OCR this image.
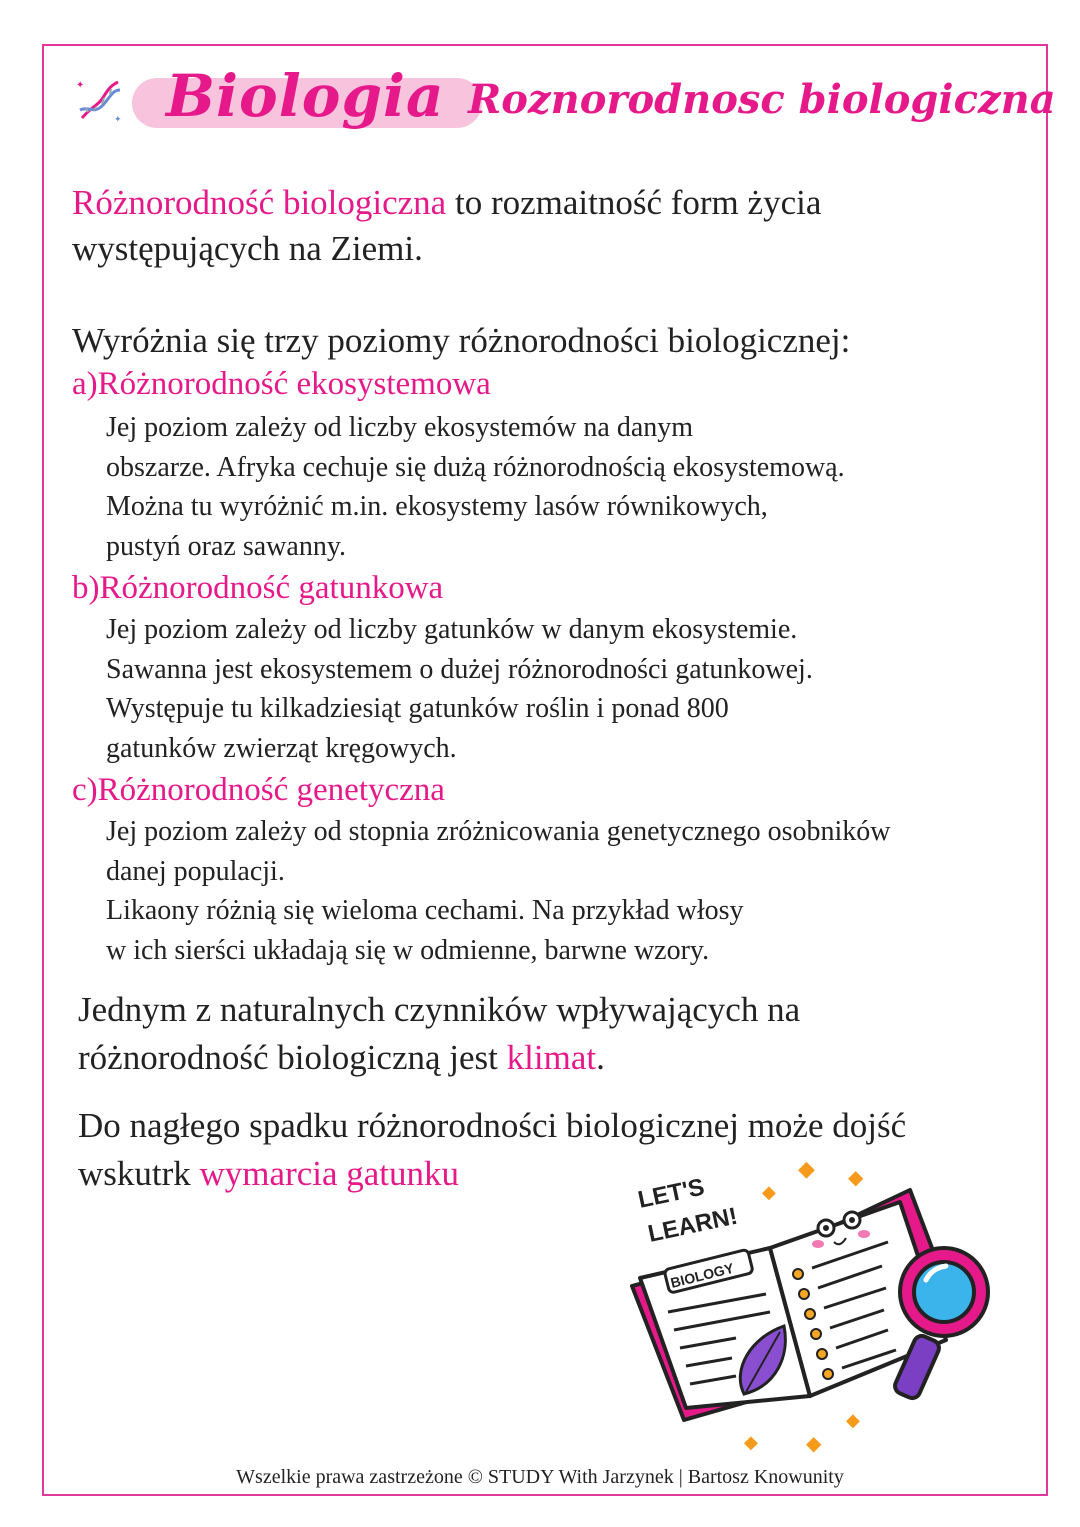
✦
✦ Biologia Roznorodnosc biologiczna

Różnorodność biologiczna to rozmaitność form życia
występujących na Ziemi.

Wyróżnia się trzy poziomy różnorodności biologicznej:

a)Różnorodność ekosystemowa
Jej poziom zależy od liczby ekosystemów na danym
obszarze. Afryka cechuje się dużą różnorodnością ekosystemową.
Można tu wyróżnić m.in. ekosystemy lasów równikowych,
pustyń oraz sawanny.
b)Różnorodność gatunkowa
Jej poziom zależy od liczby gatunków w danym ekosystemie.
Sawanna jest ekosystemem o dużej różnorodności gatunkowej.
Występuje tu kilkadziesiąt gatunków roślin i ponad 800
gatunków zwierząt kręgowych.
c)Różnorodność genetyczna
Jej poziom zależy od stopnia zróżnicowania genetycznego osobników
danej populacji.
Likaony różnią się wieloma cechami. Na przykład włosy
w ich sierści układają się w odmienne, barwne wzory.

Jednym z naturalnych czynników wpływających na
różnorodność biologiczną jest klimat.

Do nagłego spadku różnorodności biologicznej może dojść
wskutrk wymarcia gatunku	◆ ◆
◆
◆
◆ ◆
LET'S
LEARN!
BIOLOGY
Wszelkie prawa zastrzeżone © STUDY With Jarzynek | Bartosz Knowunity
